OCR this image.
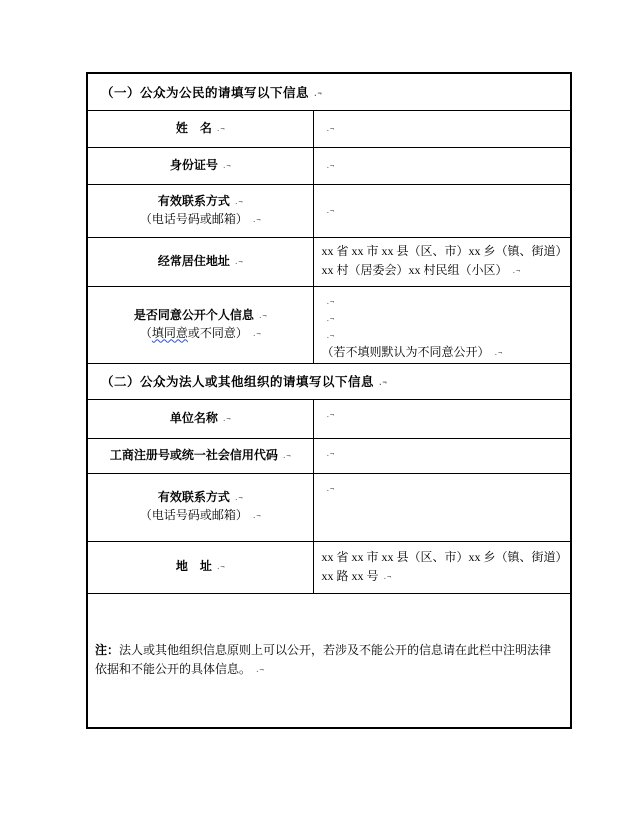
（一）公众为公民的请填写以下信息 .¬	
姓　名 .¬	.¬
身份证号 .¬	.¬

有效联系方式 .¬
（电话号码或邮箱） .¬	.¬
经常居住地址 .¬	xx 省 xx 市 xx 县（区、市）xx 乡（镇、街道）xx 村（居委会）xx 村民组（小区） .¬

是否同意公开个人信息 .¬
（填同意或不同意） .¬	.¬
.¬
.¬
（若不填则默认为不同意公开） .¬

（二）公众为法人或其他组织的请填写以下信息 .¬	
单位名称 .¬	.¬
工商注册号或统一社会信用代码 .¬	.¬

有效联系方式 .¬
（电话号码或邮箱） .¬	.¬
地　址 .¬	xx 省 xx 市 xx 县（区、市）xx 乡（镇、街道）xx 路 xx 号 .¬
注：法人或其他组织信息原则上可以公开，若涉及不能公开的信息请在此栏中注明法律依据和不能公开的具体信息。 .¬	
